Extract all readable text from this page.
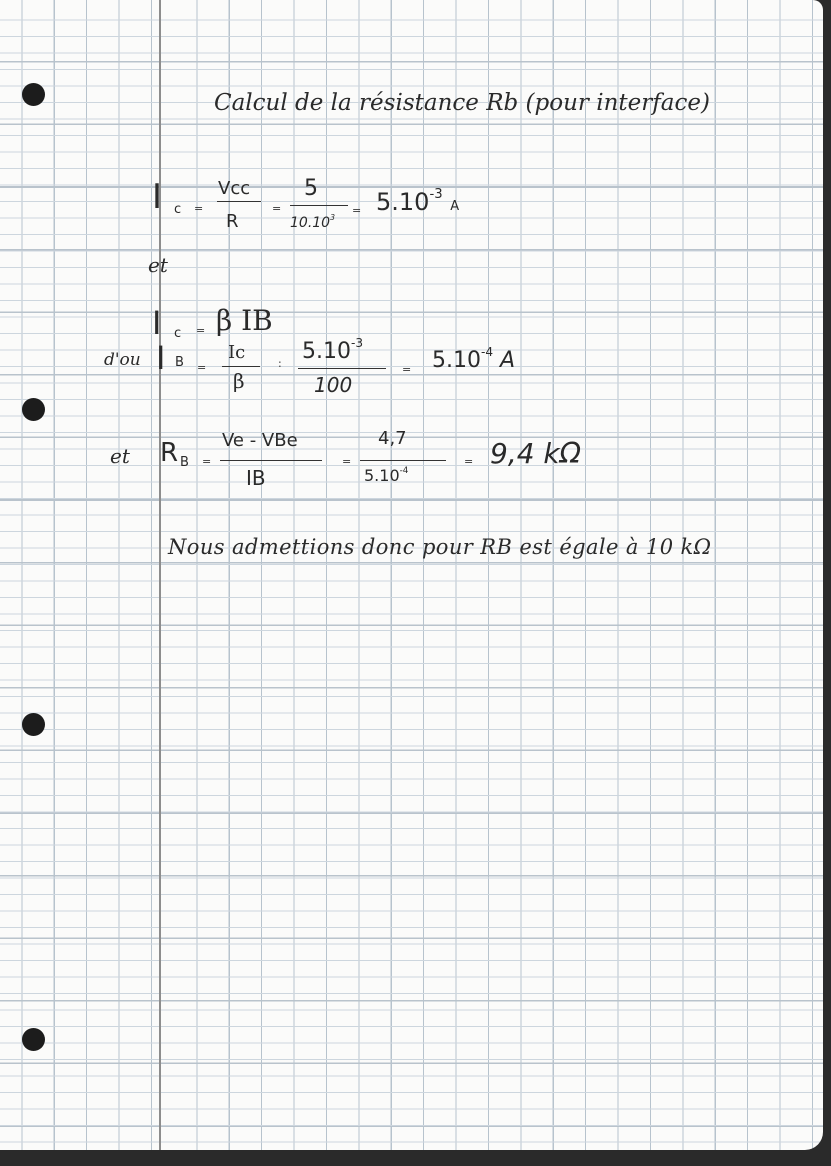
Calcul de la résistance Rb (pour interface)
I c =
Vcc
R
=
5
$10.10^3$
= $5.10^{-3}$ A
et
I c = β IB
d'ou I B =
Ic
β
: $5.10^{-3}$
100
= $5.10^{-4}$ A
et R B =
Ve - VBe
IB
=
4,7
$5.10^{-4}$
= 9,4 kΩ
Nous admettions donc pour RB est égale à 10 kΩ
